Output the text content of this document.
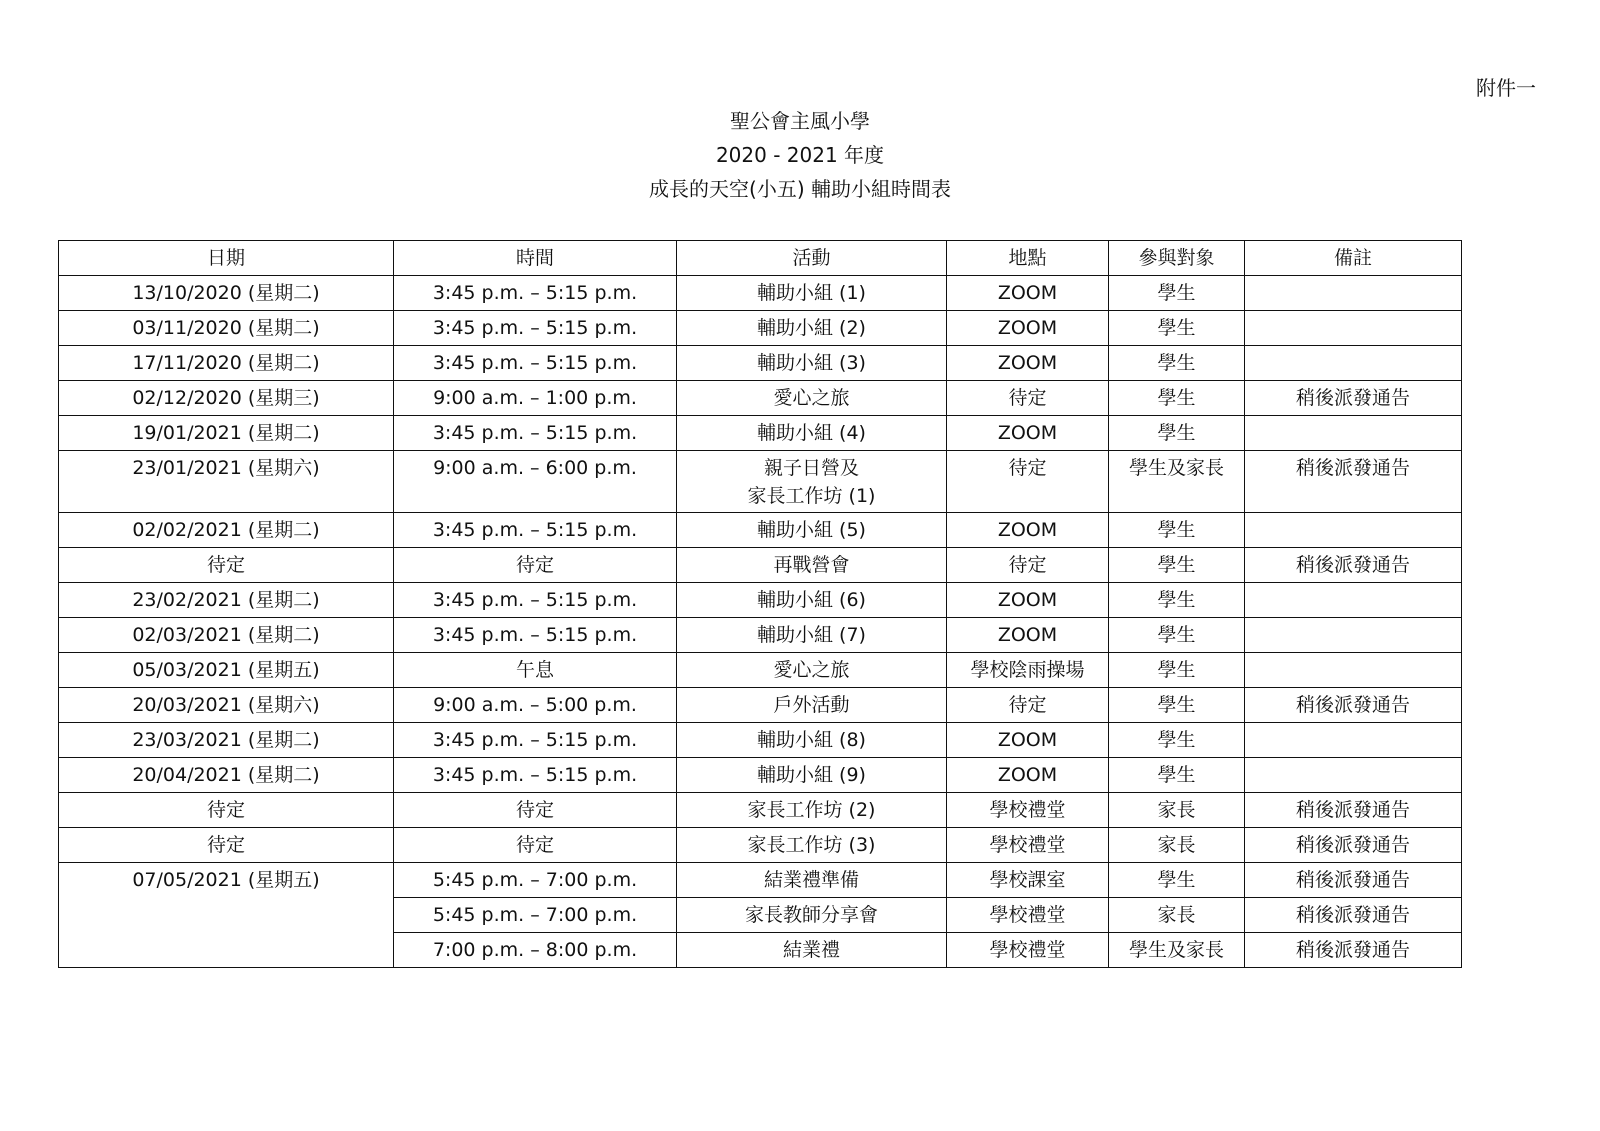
附件一
聖公會主風小學
2020 - 2021 年度
成長的天空(小五) 輔助小組時間表
日期	時間	活動	地點	參與對象	備註
13/10/2020 (星期二)	3:45 p.m. – 5:15 p.m.	輔助小組 (1)	ZOOM	學生	
03/11/2020 (星期二)	3:45 p.m. – 5:15 p.m.	輔助小組 (2)	ZOOM	學生	
17/11/2020 (星期二)	3:45 p.m. – 5:15 p.m.	輔助小組 (3)	ZOOM	學生	
02/12/2020 (星期三)	9:00 a.m. – 1:00 p.m.	愛心之旅	待定	學生	稍後派發通告
19/01/2021 (星期二)	3:45 p.m. – 5:15 p.m.	輔助小組 (4)	ZOOM	學生	
23/01/2021 (星期六)	9:00 a.m. – 6:00 p.m.	親子日營及
家長工作坊 (1)	待定	學生及家長	稍後派發通告
02/02/2021 (星期二)	3:45 p.m. – 5:15 p.m.	輔助小組 (5)	ZOOM	學生	
待定	待定	再戰營會	待定	學生	稍後派發通告
23/02/2021 (星期二)	3:45 p.m. – 5:15 p.m.	輔助小組 (6)	ZOOM	學生	
02/03/2021 (星期二)	3:45 p.m. – 5:15 p.m.	輔助小組 (7)	ZOOM	學生	
05/03/2021 (星期五)	午息	愛心之旅	學校陰雨操場	學生	
20/03/2021 (星期六)	9:00 a.m. – 5:00 p.m.	戶外活動	待定	學生	稍後派發通告
23/03/2021 (星期二)	3:45 p.m. – 5:15 p.m.	輔助小組 (8)	ZOOM	學生	
20/04/2021 (星期二)	3:45 p.m. – 5:15 p.m.	輔助小組 (9)	ZOOM	學生	
待定	待定	家長工作坊 (2)	學校禮堂	家長	稍後派發通告
待定	待定	家長工作坊 (3)	學校禮堂	家長	稍後派發通告
07/05/2021 (星期五)	5:45 p.m. – 7:00 p.m.	結業禮準備	學校課室	學生	稍後派發通告
	5:45 p.m. – 7:00 p.m.	家長教師分享會	學校禮堂	家長	稍後派發通告
	7:00 p.m. – 8:00 p.m.	結業禮	學校禮堂	學生及家長	稍後派發通告
